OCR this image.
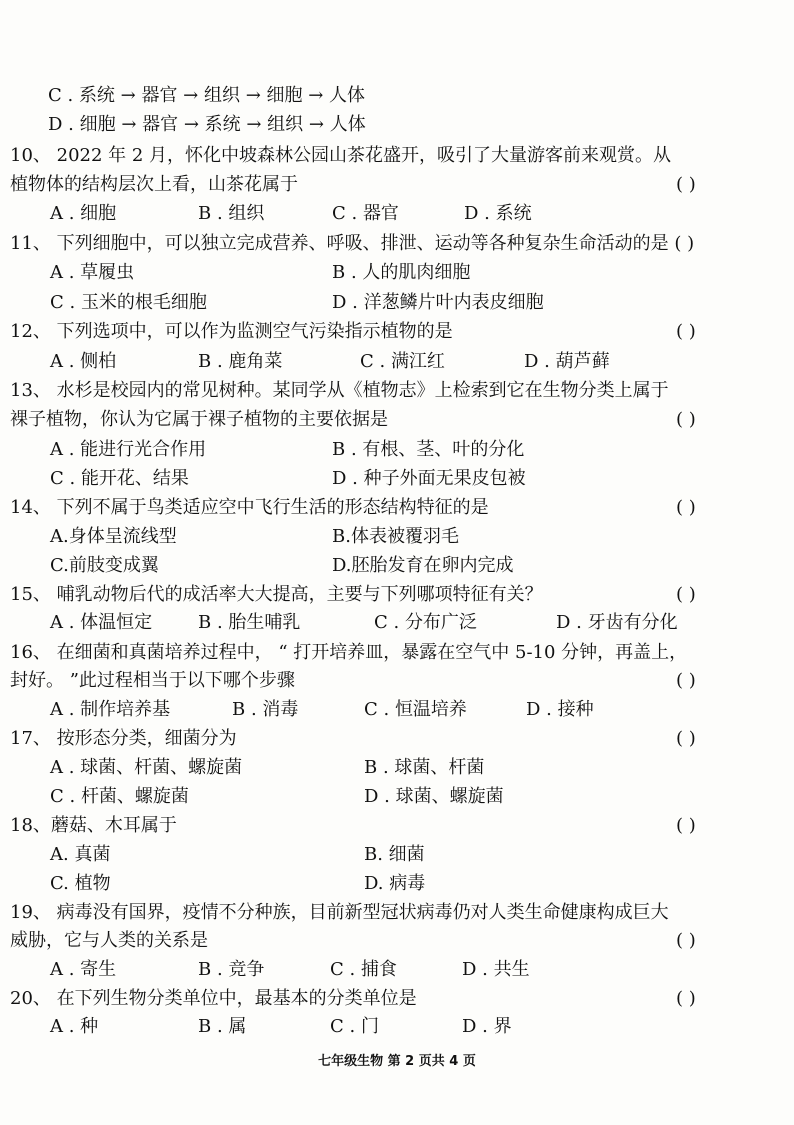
C . 系统 → 器官 → 组织 → 细胞 → 人体
D . 细胞 → 器官 → 系统 → 组织 → 人体
10、 2022 年 2 月，怀化中坡森林公园山茶花盛开，吸引了大量游客前来观赏。从
植物体的结构层次上看，山茶花属于	( )
A . 细胞	B . 组织	C . 器官	D . 系统
11、 下列细胞中，可以独立完成营养、呼吸、排泄、运动等各种复杂生命活动的是 ( )
A . 草履虫	B . 人的肌肉细胞
C . 玉米的根毛细胞	D . 洋葱鳞片叶内表皮细胞
12、 下列选项中，可以作为监测空气污染指示植物的是	( )
A . 侧柏	B . 鹿角菜	C . 满江红	D . 葫芦藓
13、 水杉是校园内的常见树种。某同学从《植物志》上检索到它在生物分类上属于
裸子植物，你认为它属于裸子植物的主要依据是	( )
A . 能进行光合作用	B . 有根、茎、叶的分化
C . 能开花、结果	D . 种子外面无果皮包被
14、 下列不属于鸟类适应空中飞行生活的形态结构特征的是	( )
A.身体呈流线型	B.体表被覆羽毛
C.前肢变成翼	D.胚胎发育在卵内完成
15、 哺乳动物后代的成活率大大提高，主要与下列哪项特征有关？	( )
A . 体温恒定	B . 胎生哺乳	C . 分布广泛	D . 牙齿有分化
16、 在细菌和真菌培养过程中， “ 打开培养皿，暴露在空气中 5-10 分钟，再盖上，
封好。 ”此过程相当于以下哪个步骤	( )
A . 制作培养基	B . 消毒	C . 恒温培养	D . 接种
17、 按形态分类，细菌分为	( )
A . 球菌、杆菌、螺旋菌	B . 球菌、杆菌
C . 杆菌、螺旋菌	D . 球菌、螺旋菌
18、蘑菇、木耳属于	( )
A. 真菌	B. 细菌
C. 植物	D. 病毒
19、 病毒没有国界，疫情不分种族，目前新型冠状病毒仍对人类生命健康构成巨大
威胁，它与人类的关系是	( )
A . 寄生	B . 竞争	C . 捕食	D . 共生
20、 在下列生物分类单位中，最基本的分类单位是	( )
A . 种	B . 属	C . 门	D . 界
七年级生物 第 2 页共 4 页
